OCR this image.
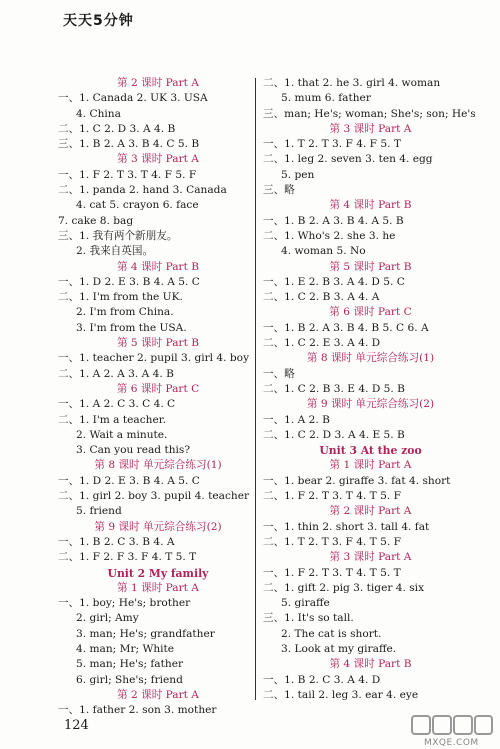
天天5分钟
第 2 课时 Part A
一、1. Canada 2. UK 3. USA
4. China
二、1. C 2. D 3. A 4. B
三、1. B 2. A 3. B 4. C 5. B
第 3 课时 Part A
一、1. F 2. T 3. T 4. F 5. F
二、1. panda 2. hand 3. Canada
4. cat 5. crayon 6. face
7. cake 8. bag
三、1. 我有两个新朋友。
2. 我来自英国。
第 4 课时 Part B
一、1. D 2. E 3. B 4. A 5. C
二、1. I'm from the UK.
2. I'm from China.
3. I'm from the USA.
第 5 课时 Part B
一、1. teacher 2. pupil 3. girl 4. boy
二、1. A 2. A 3. A 4. B
第 6 课时 Part C
一、1. A 2. C 3. C 4. C
二、1. I'm a teacher.
2. Wait a minute.
3. Can you read this?
第 8 课时 单元综合练习(1)
一、1. D 2. E 3. B 4. A 5. C
二、1. girl 2. boy 3. pupil 4. teacher
5. friend
第 9 课时 单元综合练习(2)
一、1. B 2. C 3. B 4. A
二、1. F 2. F 3. F 4. T 5. T
Unit 2 My family
第 1 课时 Part A
一、1. boy; He's; brother
2. girl; Amy
3. man; He's; grandfather
4. man; Mr; White
5. man; He's; father
6. girl; She's; friend
第 2 课时 Part A
一、1. father 2. son 3. mother
二、1. that 2. he 3. girl 4. woman
5. mum 6. father
三、man; He's; woman; She's; son; He's
第 3 课时 Part A
一、1. T 2. T 3. F 4. F 5. T
二、1. leg 2. seven 3. ten 4. egg
5. pen
三、略
第 4 课时 Part B
一、1. B 2. A 3. B 4. A 5. B
二、1. Who's 2. she 3. he
4. woman 5. No
第 5 课时 Part B
一、1. E 2. B 3. A 4. D 5. C
二、1. C 2. B 3. A 4. A
第 6 课时 Part C
一、1. B 2. A 3. B 4. B 5. C 6. A
二、1. C 2. E 3. A 4. D
第 8 课时 单元综合练习(1)
一、略
二、1. C 2. B 3. E 4. D 5. B
第 9 课时 单元综合练习(2)
一、1. A 2. B
二、1. C 2. D 3. A 4. E 5. B
Unit 3 At the zoo
第 1 课时 Part A
一、1. bear 2. giraffe 3. fat 4. short
二、1. F 2. T 3. T 4. T 5. F
第 2 课时 Part A
一、1. thin 2. short 3. tall 4. fat
二、1. T 2. T 3. F 4. T 5. F
第 3 课时 Part A
一、1. F 2. T 3. T 4. T 5. T
二、1. gift 2. pig 3. tiger 4. six
5. giraffe
三、1. It's so tall.
2. The cat is short.
3. Look at my giraffe.
第 4 课时 Part B
一、1. B 2. C 3. A 4. D
二、1. tail 2. leg 3. ear 4. eye
124
MXQE.COM
